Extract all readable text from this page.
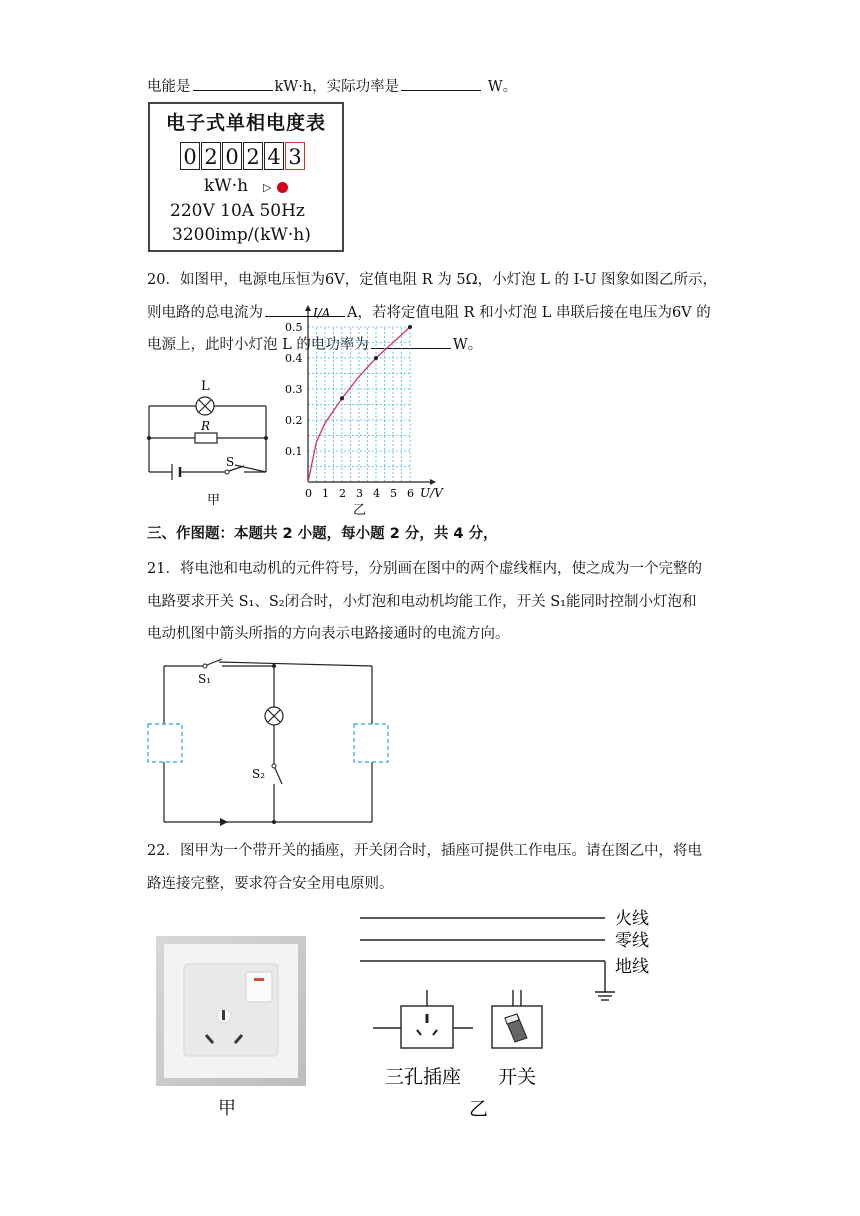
电能是	kW·h，实际功率是	W。
电子式单相电度表
0 2 0 2 4 3
kW·h ▷
220V 10A 50Hz
3200imp/(kW·h)
20．如图甲，电源电压恒为6V，定值电阻 R 为 5Ω，小灯泡 L 的 I-U 图象如图乙所示，
则电路的总电流为	A，若将定值电阻 R 和小灯泡 L 串联后接在电压为6V 的
电源上，此时小灯泡 L 的电功率为	W。
L
R
S
甲	0 1 2 3 4 5 6
0.1
0.2
0.3
0.4
0.5
I/A
U/V
乙
三、作图题：本题共 2 小题，每小题 2 分，共 4 分，
21．将电池和电动机的元件符号，分别画在图中的两个虚线框内，使之成为一个完整的
电路要求开关 S₁、S₂闭合时，小灯泡和电动机均能工作，开关 S₁能同时控制小灯泡和
电动机图中箭头所指的方向表示电路接通时的电流方向。
S₁
S₂
22．图甲为一个带开关的插座，开关闭合时，插座可提供工作电压。请在图乙中，将电
路连接完整，要求符合安全用电原则。
甲
火线
零线
地线
三孔插座 开关
乙
